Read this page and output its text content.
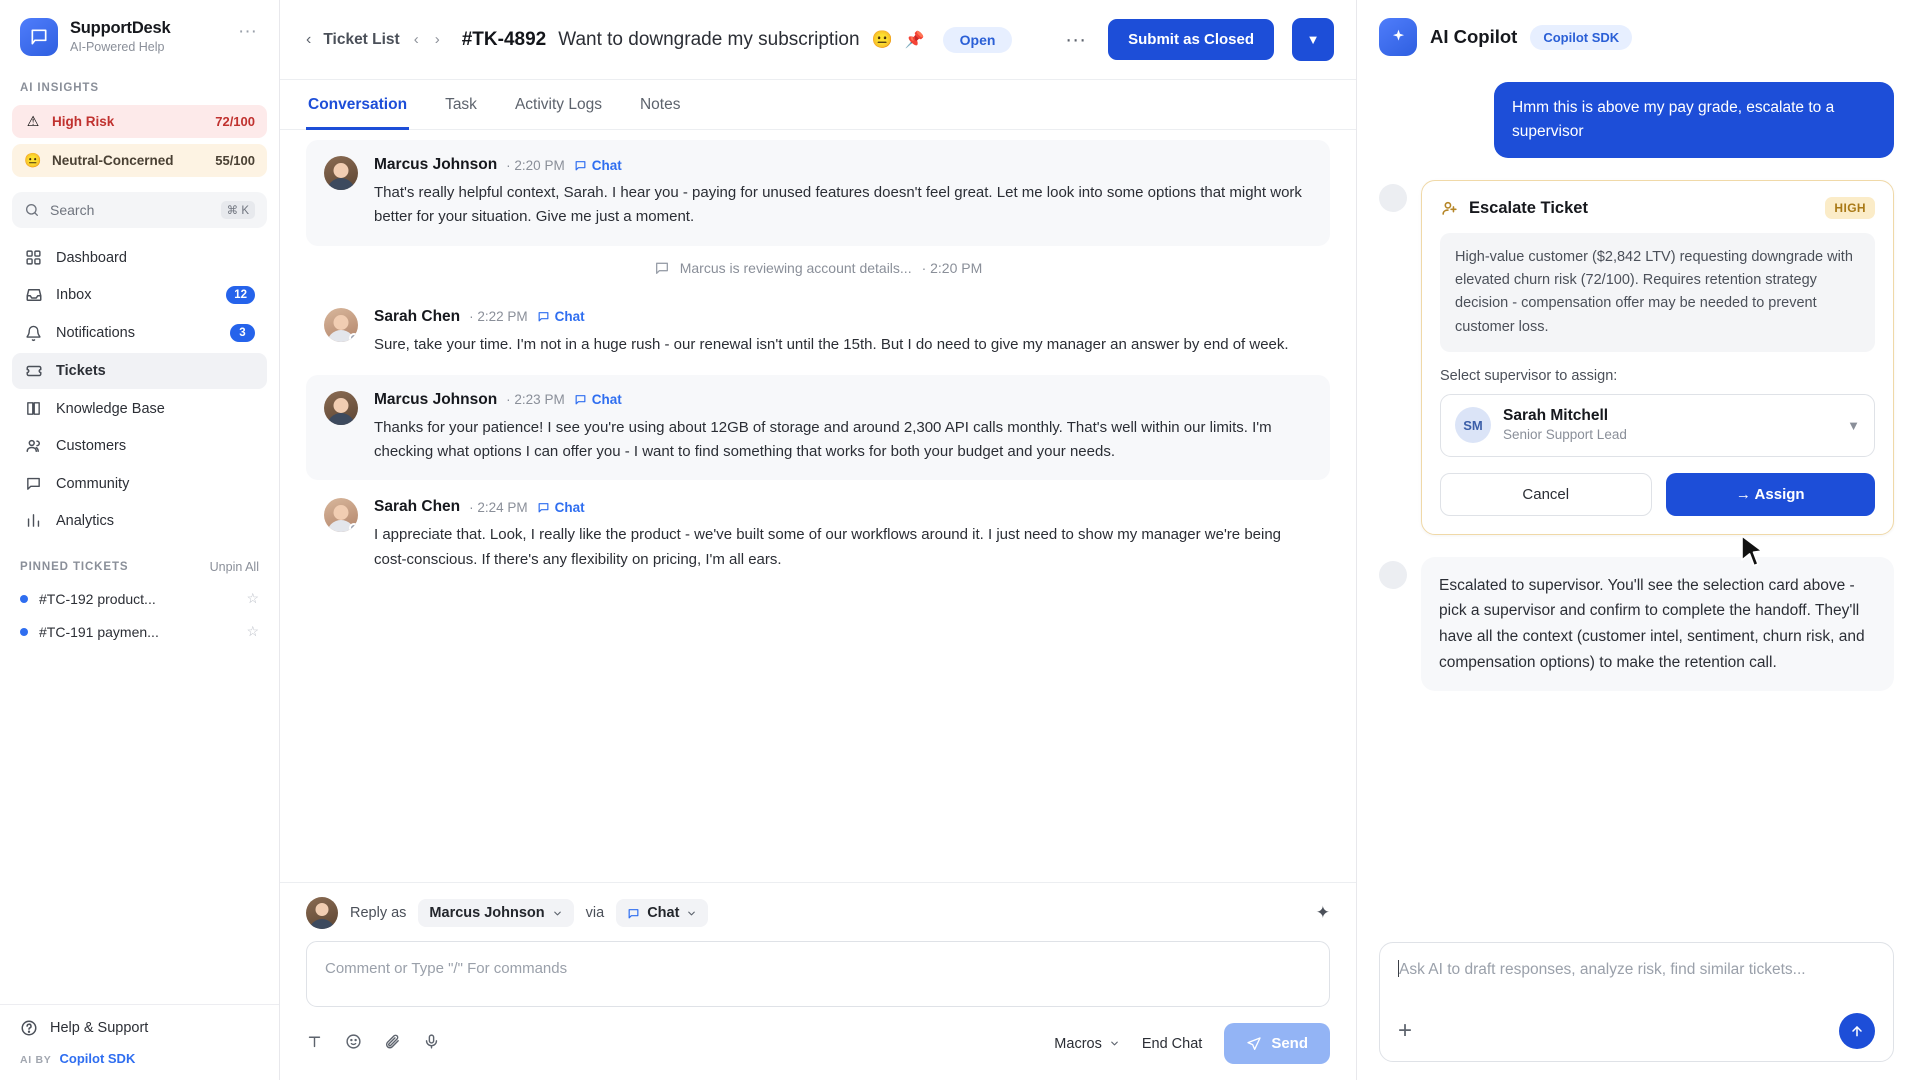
SupportDesk
AI-Powered Help
···
AI INSIGHTS
⚠ High Risk	72/100
😐 Neutral-Concerned	55/100
Search	⌘ K
Dashboard
Inbox	12
Notifications	3
Tickets
Knowledge Base
Customers
Community
Analytics
PINNED TICKETS	Unpin All
#TC-192 product...	☆
#TC-191 paymen...	☆
Help & Support
AI BY Copilot SDK
‹ Ticket List ‹ › #TK-4892 Want to downgrade my subscription 😐 📌	Open	···	Submit as Closed	▼
Conversation Task Activity Logs Notes
Marcus Johnson · 2:20 PM Chat
That's really helpful context, Sarah. I hear you - paying for unused features doesn't feel great. Let me look into some options that might work better for your situation. Give me just a moment.
Marcus is reviewing account details... · 2:20 PM
Sarah Chen · 2:22 PM Chat
Sure, take your time. I'm not in a huge rush - our renewal isn't until the 15th. But I do need to give my manager an answer by end of week.
Marcus Johnson · 2:23 PM Chat
Thanks for your patience! I see you're using about 12GB of storage and around 2,300 API calls monthly. That's well within our limits. I'm checking what options I can offer you - I want to find something that works for both your budget and your needs.
Sarah Chen · 2:24 PM Chat
I appreciate that. Look, I really like the product - we've built some of our workflows around it. I just need to show my manager we're being cost-conscious. If there's any flexibility on pricing, I'm all ears.
Reply as Marcus Johnson	via	Chat	✦
Comment or Type "/" For commands
Macros	End Chat	Send
AI Copilot	Copilot SDK
Hmm this is above my pay grade, escalate to a supervisor
Escalate Ticket	HIGH
High-value customer ($2,842 LTV) requesting downgrade with elevated churn risk (72/100). Requires retention strategy decision - compensation offer may be needed to prevent customer loss.
Select supervisor to assign:
SM
Sarah Mitchell
Senior Support Lead
▼
Cancel	→ Assign
Escalated to supervisor. You'll see the selection card above - pick a supervisor and confirm to complete the handoff. They'll have all the context (customer intel, sentiment, churn risk, and compensation options) to make the retention call.
Ask AI to draft responses, analyze risk, find similar tickets...
+
